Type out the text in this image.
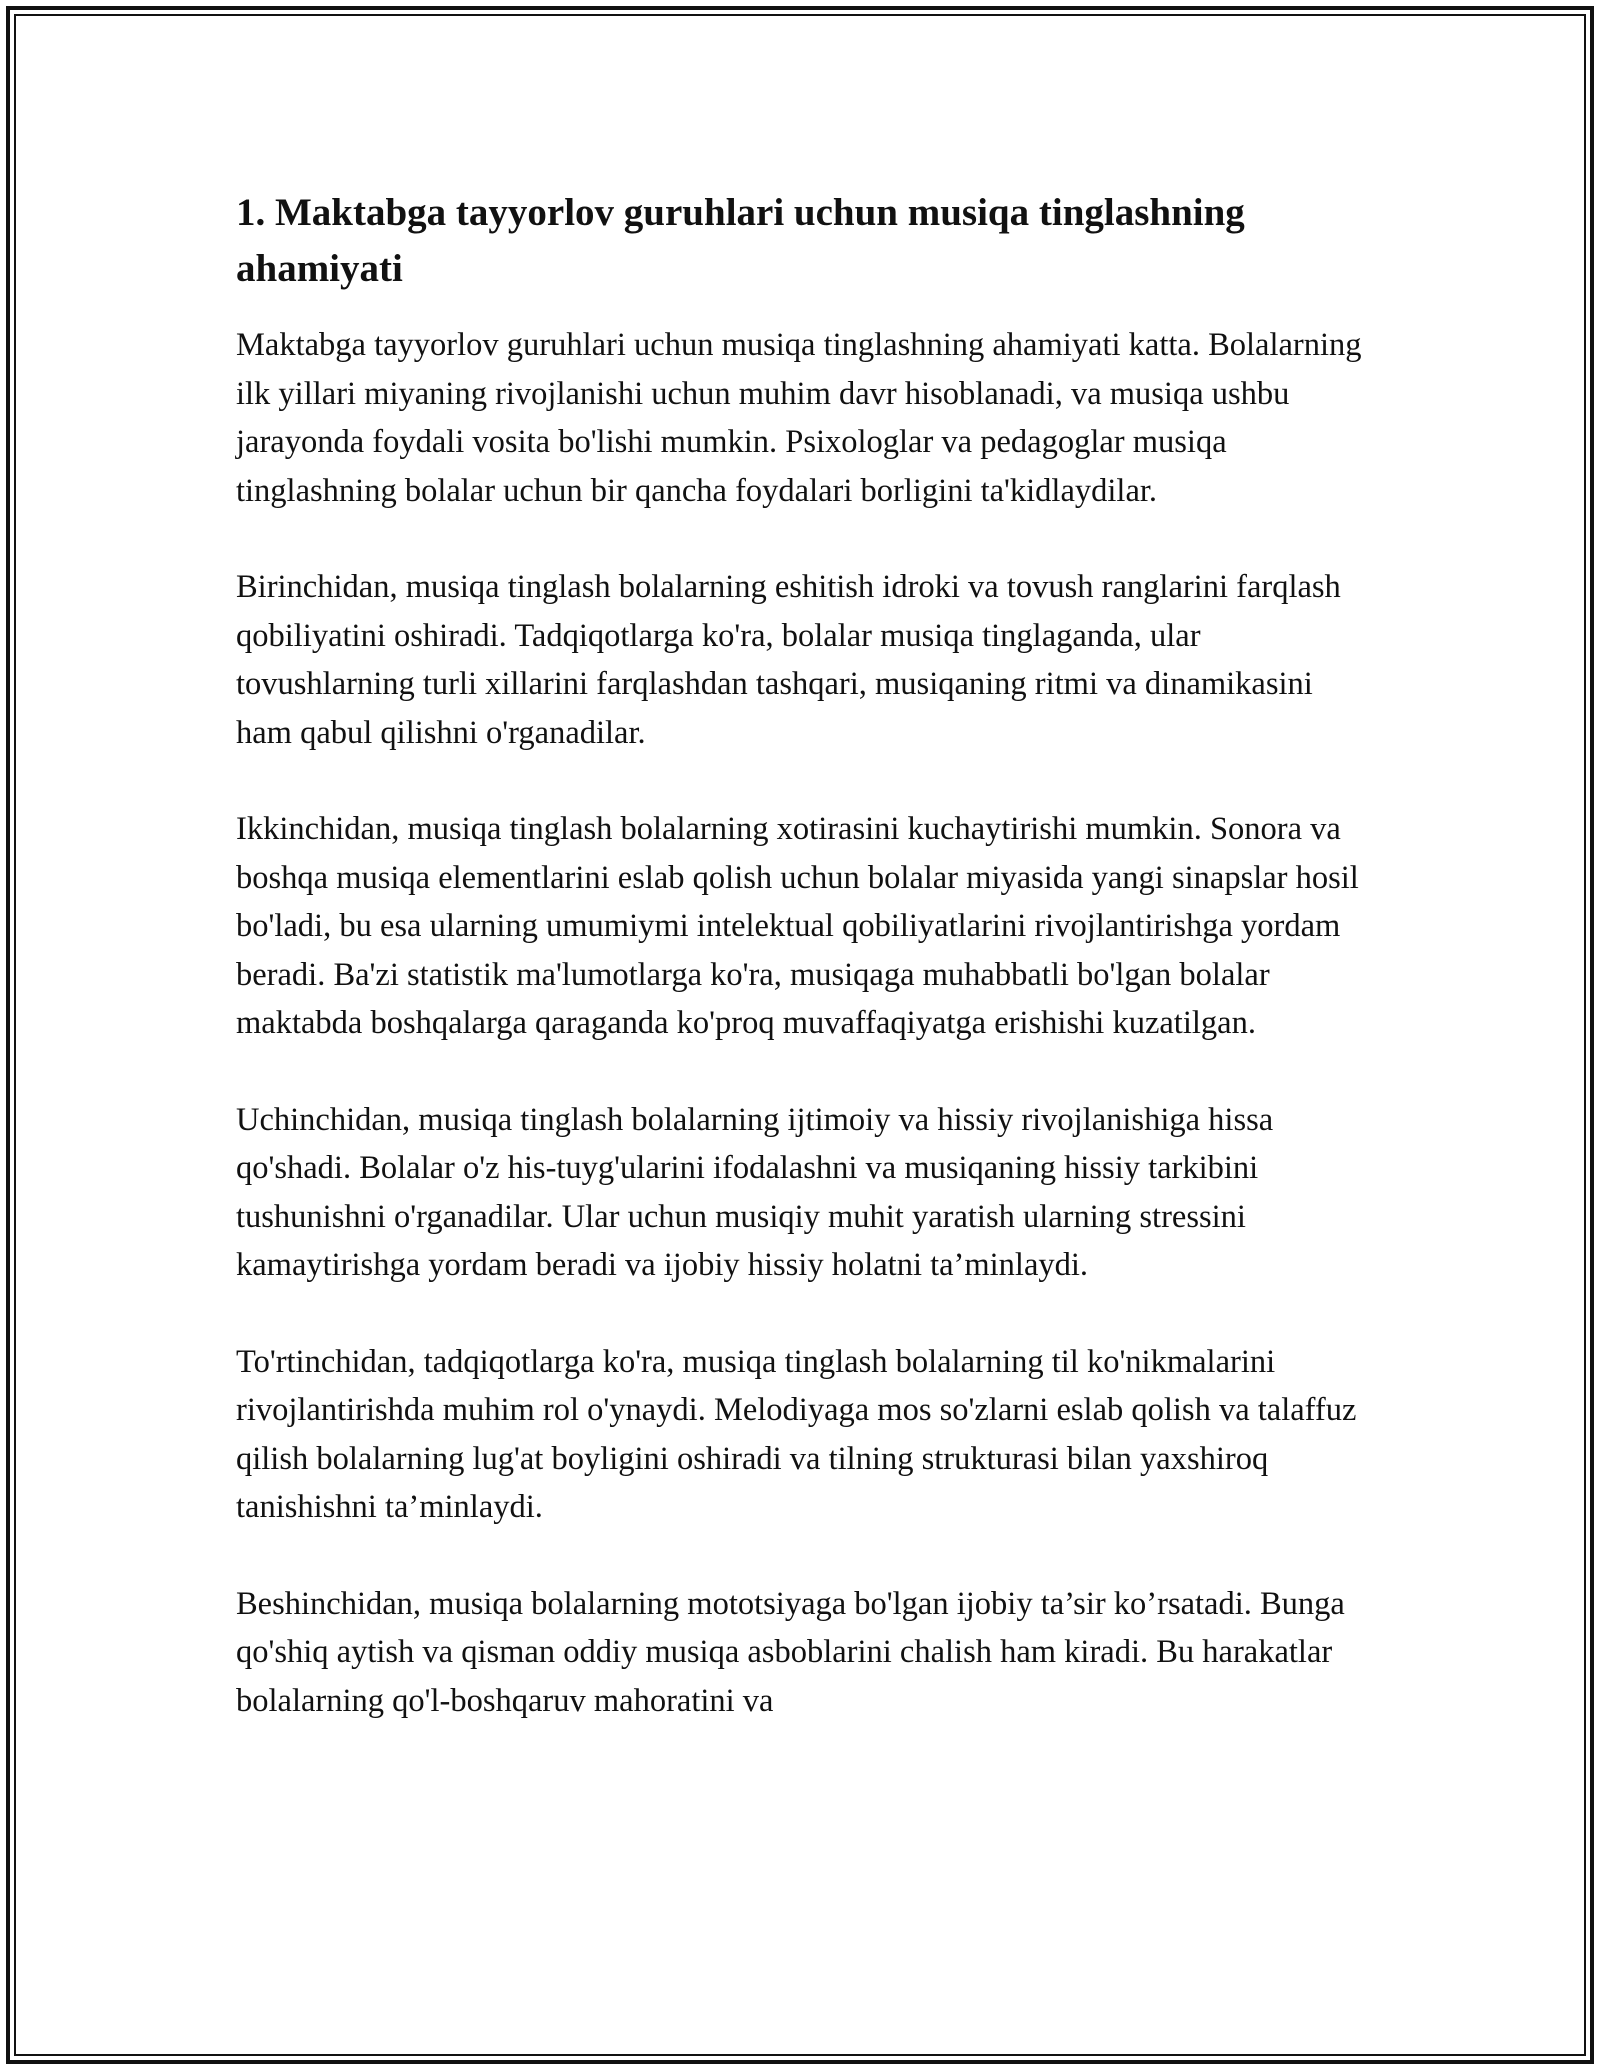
1. Maktabga tayyorlov guruhlari uchun musiqa tinglashning ahamiyati

Maktabga tayyorlov guruhlari uchun musiqa tinglashning ahamiyati katta. Bolalarning ilk yillari miyaning rivojlanishi uchun muhim davr hisoblanadi, va musiqa ushbu jarayonda foydali vosita bo'lishi mumkin. Psixologlar va pedagoglar musiqa tinglashning bolalar uchun bir qancha foydalari borligini ta'kidlaydilar.

Birinchidan, musiqa tinglash bolalarning eshitish idroki va tovush ranglarini farqlash qobiliyatini oshiradi. Tadqiqotlarga ko'ra, bolalar musiqa tinglaganda, ular tovushlarning turli xillarini farqlashdan tashqari, musiqaning ritmi va dinamikasini ham qabul qilishni o'rganadilar.

Ikkinchidan, musiqa tinglash bolalarning xotirasini kuchaytirishi mumkin. Sonora va boshqa musiqa elementlarini eslab qolish uchun bolalar miyasida yangi sinapslar hosil bo'ladi, bu esa ularning umumiymi intelektual qobiliyatlarini rivojlantirishga yordam beradi. Ba'zi statistik ma'lumotlarga ko'ra, musiqaga muhabbatli bo'lgan bolalar maktabda boshqalarga qaraganda ko'proq muvaffaqiyatga erishishi kuzatilgan.

Uchinchidan, musiqa tinglash bolalarning ijtimoiy va hissiy rivojlanishiga hissa qo'shadi. Bolalar o'z his-tuyg'ularini ifodalashni va musiqaning hissiy tarkibini tushunishni o'rganadilar. Ular uchun musiqiy muhit yaratish ularning stressini kamaytirishga yordam beradi va ijobiy hissiy holatni ta’minlaydi.

To'rtinchidan, tadqiqotlarga ko'ra, musiqa tinglash bolalarning til ko'nikmalarini rivojlantirishda muhim rol o'ynaydi. Melodiyaga mos so'zlarni eslab qolish va talaffuz qilish bolalarning lug'at boyligini oshiradi va tilning strukturasi bilan yaxshiroq tanishishni ta’minlaydi.

Beshinchidan, musiqa bolalarning mototsiyaga bo'lgan ijobiy ta’sir ko’rsatadi. Bunga qo'shiq aytish va qisman oddiy musiqa asboblarini chalish ham kiradi. Bu harakatlar bolalarning qo'l-boshqaruv mahoratini va
